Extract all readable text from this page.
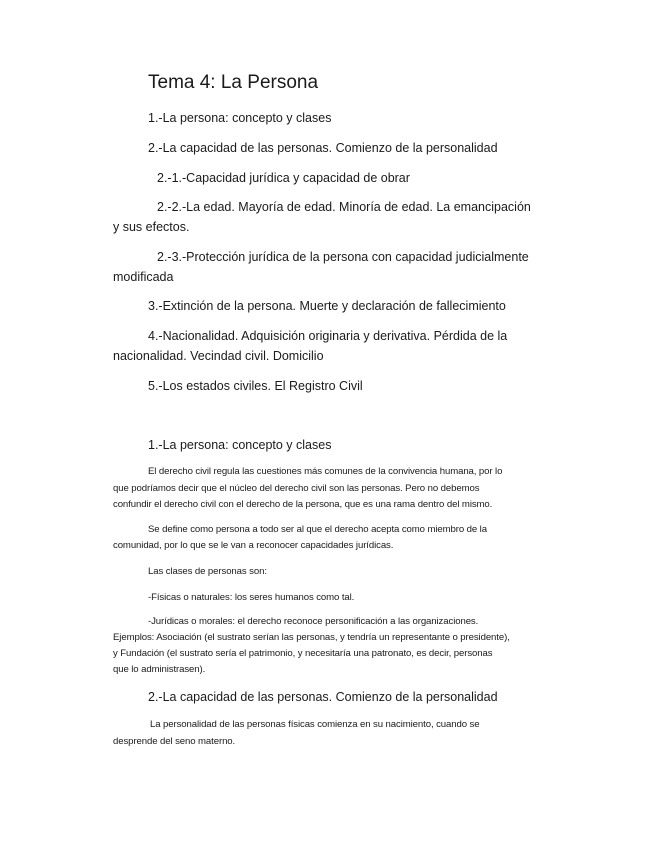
Tema 4: La Persona
1.-La persona: concepto y clases
2.-La capacidad de las personas. Comienzo de la personalidad
2.-1.-Capacidad jurídica y capacidad de obrar
2.-2.-La edad. Mayoría de edad. Minoría de edad. La emancipación
y sus efectos.
2.-3.-Protección jurídica de la persona con capacidad judicialmente
modificada
3.-Extinción de la persona. Muerte y declaración de fallecimiento
4.-Nacionalidad. Adquisición originaria y derivativa. Pérdida de la
nacionalidad. Vecindad civil. Domicilio
5.-Los estados civiles. El Registro Civil
1.-La persona: concepto y clases
El derecho civil regula las cuestiones más comunes de la convivencia humana, por lo
que podríamos decir que el núcleo del derecho civil son las personas. Pero no debemos
confundir el derecho civil con el derecho de la persona, que es una rama dentro del mismo.
Se define como persona a todo ser al que el derecho acepta como miembro de la
comunidad, por lo que se le van a reconocer capacidades jurídicas.
Las clases de personas son:
-Físicas o naturales: los seres humanos como tal.
-Jurídicas o morales: el derecho reconoce personificación a las organizaciones.
Ejemplos: Asociación (el sustrato serían las personas, y tendría un representante o presidente),
y Fundación (el sustrato sería el patrimonio, y necesitaría una patronato, es decir, personas
que lo administrasen).
2.-La capacidad de las personas. Comienzo de la personalidad
La personalidad de las personas físicas comienza en su nacimiento, cuando se
desprende del seno materno.
